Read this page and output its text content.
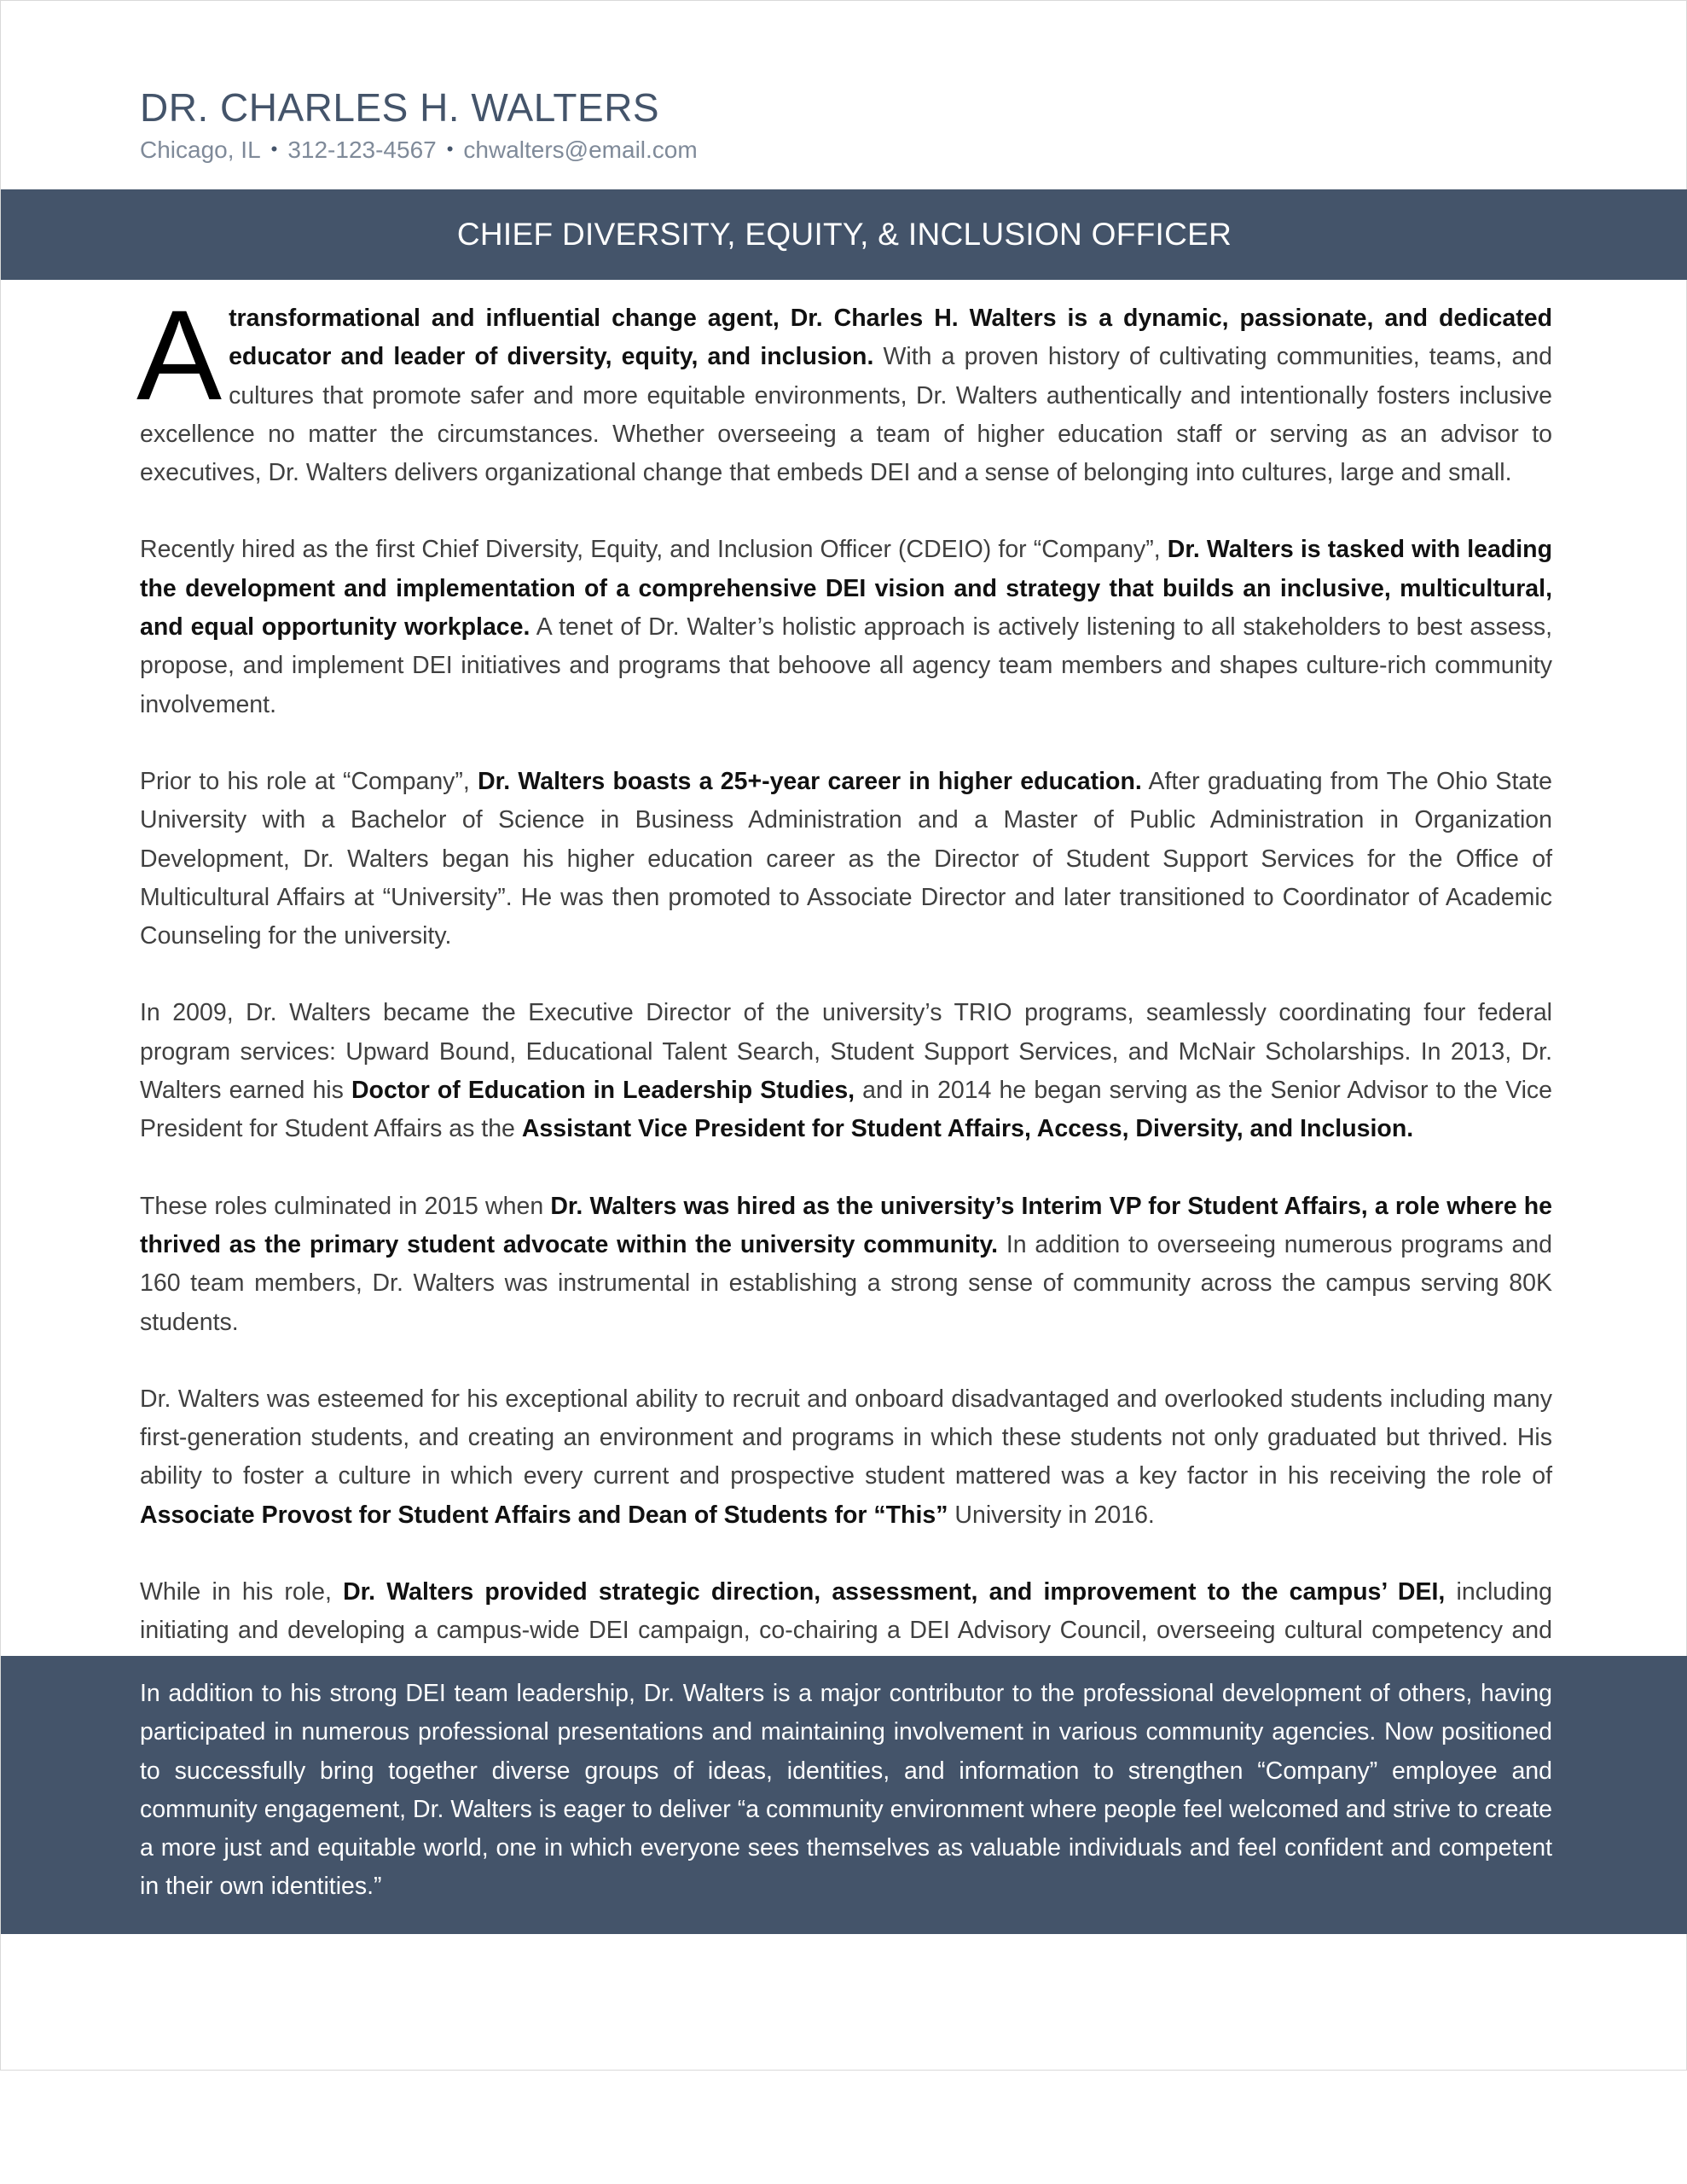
DR. CHARLES H. WALTERS
Chicago, IL • 312-123-4567 • chwalters@email.com
CHIEF DIVERSITY, EQUITY, & INCLUSION OFFICER

Atransformational and influential change agent, Dr. Charles H. Walters is a dynamic, passionate, and dedicated educator and leader of diversity, equity, and inclusion. With a proven history of cultivating communities, teams, and cultures that promote safer and more equitable environments, Dr. Walters authentically and intentionally fosters inclusive excellence no matter the circumstances. Whether overseeing a team of higher education staff or serving as an advisor to executives, Dr. Walters delivers organizational change that embeds DEI and a sense of belonging into cultures, large and small.

Recently hired as the first Chief Diversity, Equity, and Inclusion Officer (CDEIO) for “Company”, Dr. Walters is tasked with leading the development and implementation of a comprehensive DEI vision and strategy that builds an inclusive, multicultural, and equal opportunity workplace. A tenet of Dr. Walter’s holistic approach is actively listening to all stakeholders to best assess, propose, and implement DEI initiatives and programs that behoove all agency team members and shapes culture-rich community involvement.

Prior to his role at “Company”, Dr. Walters boasts a 25+-year career in higher education. After graduating from The Ohio State University with a Bachelor of Science in Business Administration and a Master of Public Administration in Organization Development, Dr. Walters began his higher education career as the Director of Student Support Services for the Office of Multicultural Affairs at “University”. He was then promoted to Associate Director and later transitioned to Coordinator of Academic Counseling for the university.

In 2009, Dr. Walters became the Executive Director of the university’s TRIO programs, seamlessly coordinating four federal program services: Upward Bound, Educational Talent Search, Student Support Services, and McNair Scholarships. In 2013, Dr. Walters earned his Doctor of Education in Leadership Studies, and in 2014 he began serving as the Senior Advisor to the Vice President for Student Affairs as the Assistant Vice President for Student Affairs, Access, Diversity, and Inclusion.

These roles culminated in 2015 when Dr. Walters was hired as the university’s Interim VP for Student Affairs, a role where he thrived as the primary student advocate within the university community. In addition to overseeing numerous programs and 160 team members, Dr. Walters was instrumental in establishing a strong sense of community across the campus serving 80K students.

Dr. Walters was esteemed for his exceptional ability to recruit and onboard disadvantaged and overlooked students including many first-generation students, and creating an environment and programs in which these students not only graduated but thrived. His ability to foster a culture in which every current and prospective student mattered was a key factor in his receiving the role of Associate Provost for Student Affairs and Dean of Students for “This” University in 2016.

While in his role, Dr. Walters provided strategic direction, assessment, and improvement to the campus’ DEI, including initiating and developing a campus-wide DEI campaign, co-chairing a DEI Advisory Council, overseeing cultural competency and

In addition to his strong DEI team leadership, Dr. Walters is a major contributor to the professional development of others, having participated in numerous professional presentations and maintaining involvement in various community agencies. Now positioned to successfully bring together diverse groups of ideas, identities, and information to strengthen “Company” employee and community engagement, Dr. Walters is eager to deliver “a community environment where people feel welcomed and strive to create a more just and equitable world, one in which everyone sees themselves as valuable individuals and feel confident and competent in their own identities.”
